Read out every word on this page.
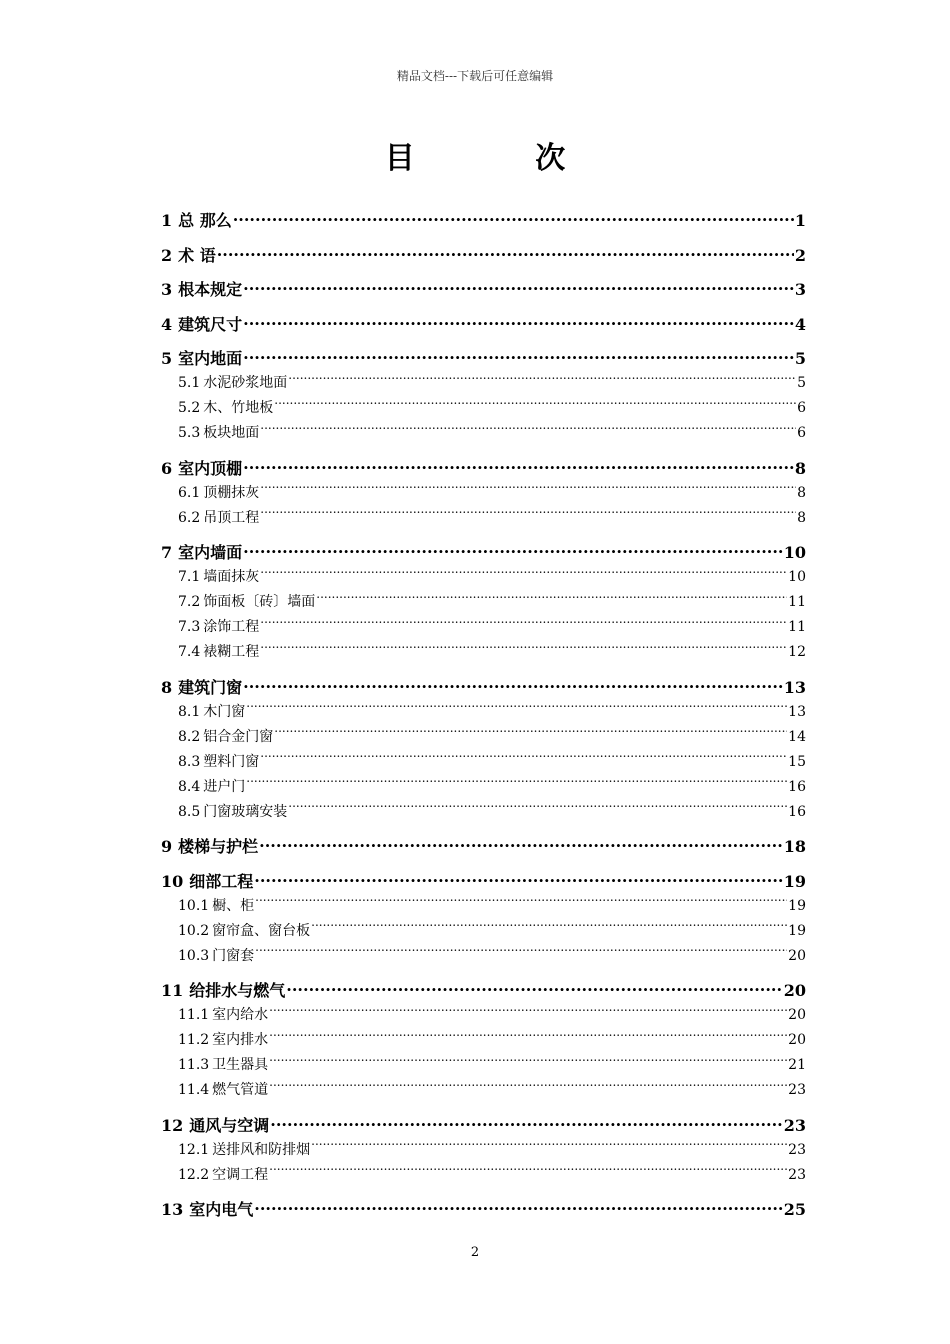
精品文档---下载后可任意编辑
目 次
1 总 那么 .....	1
2 术 语 .....	2
3 根本规定 .....	3
4 建筑尺寸 .....	4
5 室内地面 .....	5
5.1 水泥砂浆地面 .....	5
5.2 木、竹地板 .....	6
5.3 板块地面 .....	6
6 室内顶棚 .....	8
6.1 顶棚抹灰 .....	8
6.2 吊顶工程 .....	8
7 室内墙面 .....	10
7.1 墙面抹灰 .....	10
7.2 饰面板〔砖〕墙面 .....	11
7.3 涂饰工程 .....	11
7.4 裱糊工程 .....	12
8 建筑门窗 .....	13
8.1 木门窗 .....	13
8.2 铝合金门窗 .....	14
8.3 塑料门窗 .....	15
8.4 进户门 .....	16
8.5 门窗玻璃安装 .....	16
9 楼梯与护栏 .....	18
10 细部工程 .....	19
10.1 橱、柜 .....	19
10.2 窗帘盒、窗台板 .....	19
10.3 门窗套 .....	20
11 给排水与燃气 .....	20
11.1 室内给水 .....	20
11.2 室内排水 .....	20
11.3 卫生器具 .....	21
11.4 燃气管道 .....	23
12 通风与空调 .....	23
12.1 送排风和防排烟 .....	23
12.2 空调工程 .....	23
13 室内电气 .....	25
2
